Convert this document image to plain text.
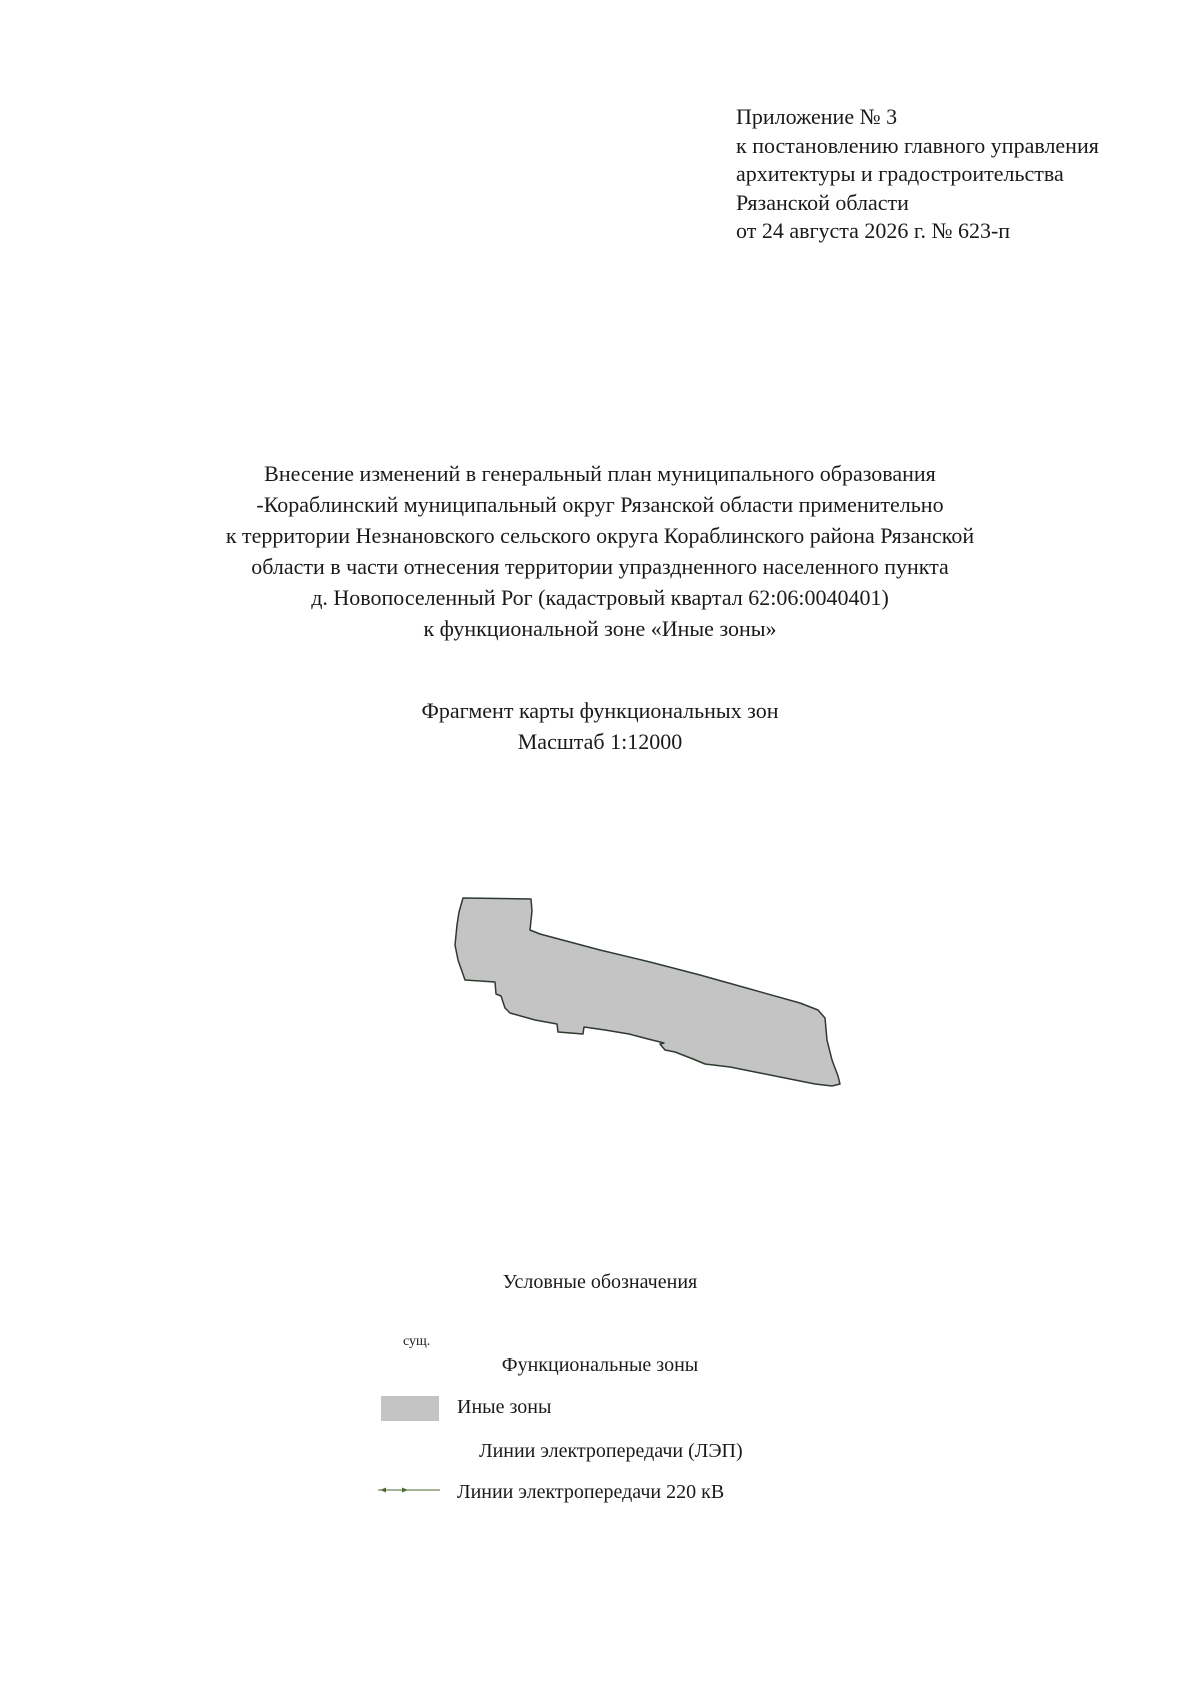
Приложение № 3
к постановлению главного управления
архитектуры и градостроительства
Рязанской области
от 24 августа 2026 г. № 623-п
Внесение изменений в генеральный план муниципального образования
-Кораблинский муниципальный округ Рязанской области применительно
к территории Незнановского сельского округа Кораблинского района Рязанской
области в части отнесения территории упраздненного населенного пункта
д. Новопоселенный Рог (кадастровый квартал 62:06:0040401)
к функциональной зоне «Иные зоны»
Фрагмент карты функциональных зон
Масштаб 1:12000
Условные обозначения
сущ.
Функциональные зоны
Иные зоны
Линии электропередачи (ЛЭП)
Линии электропередачи 220 кВ
